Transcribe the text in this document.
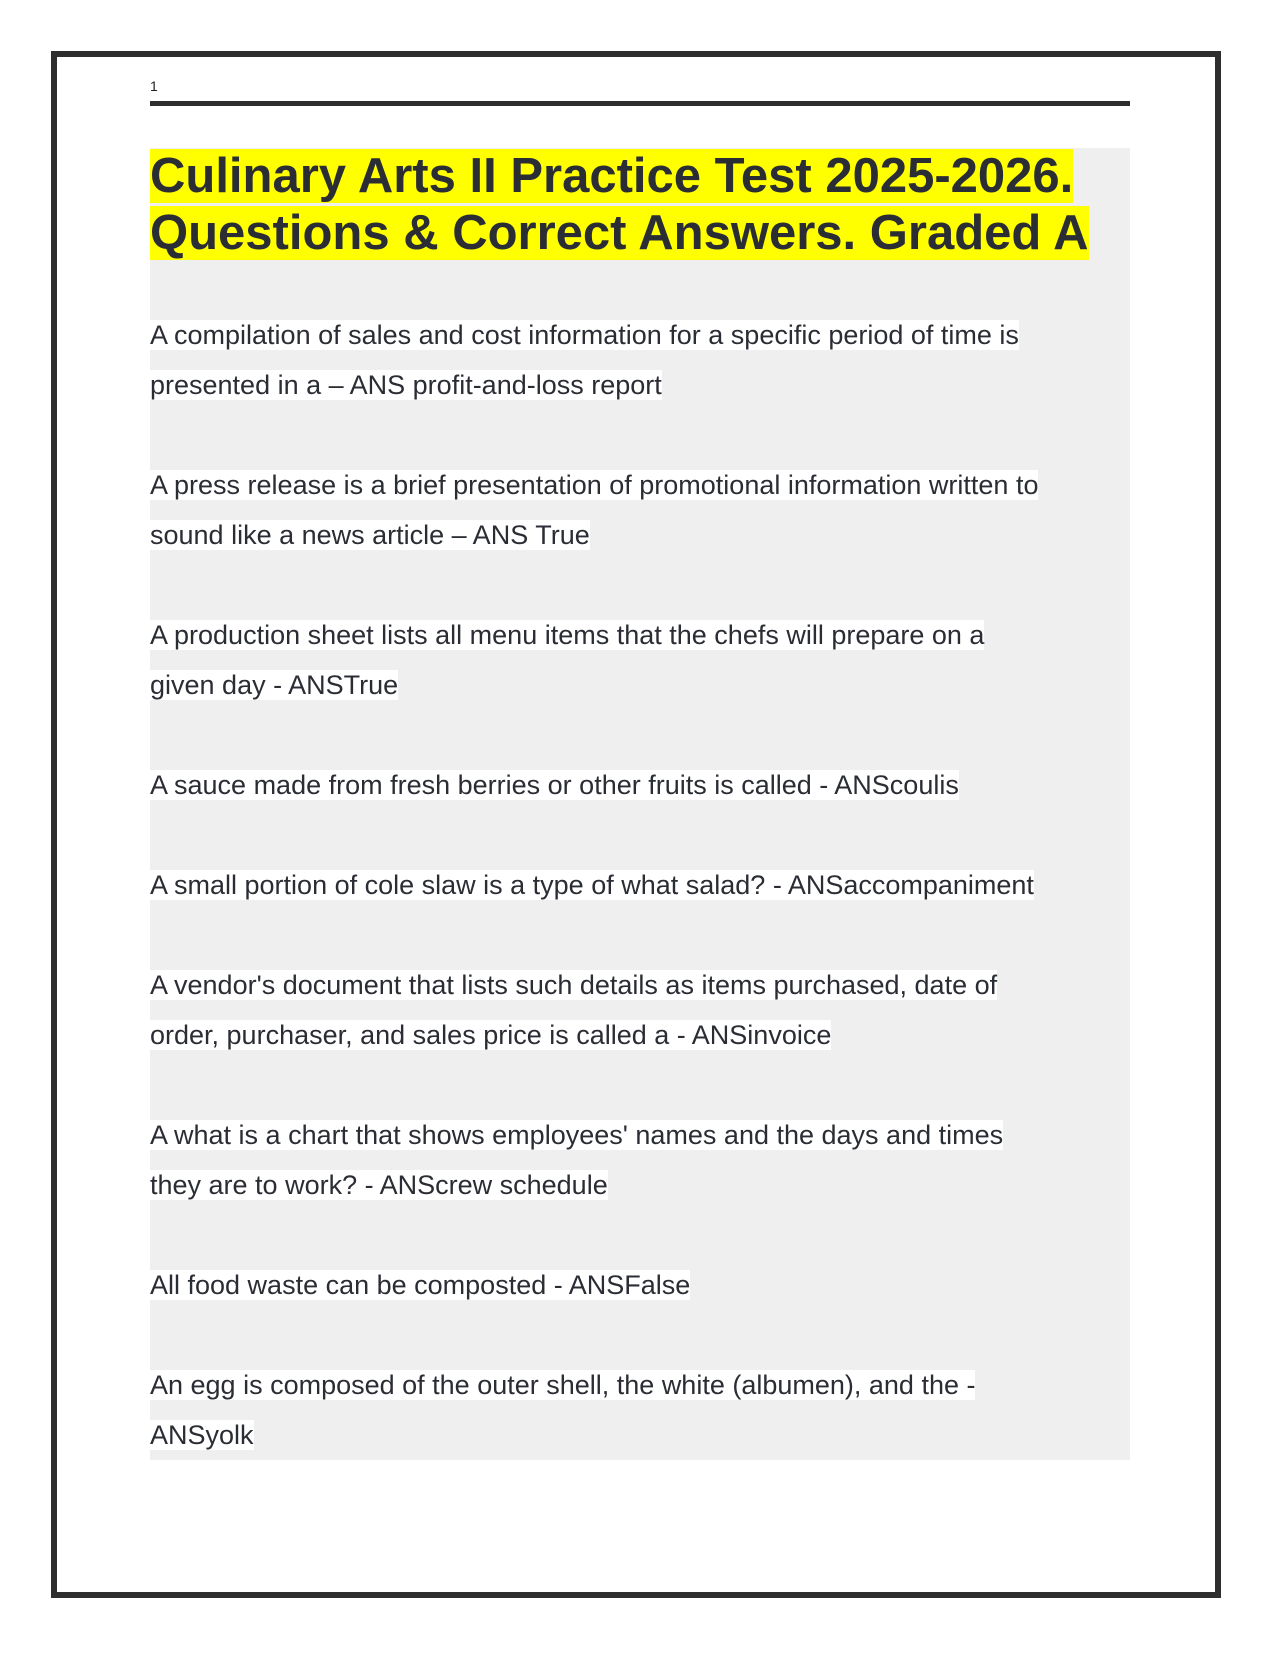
1
Culinary Arts II Practice Test 2025-2026.
Questions & Correct Answers. Graded A
A compilation of sales and cost information for a specific period of time is
presented in a – ANS profit-and-loss report
A press release is a brief presentation of promotional information written to
sound like a news article – ANS True
A production sheet lists all menu items that the chefs will prepare on a
given day - ANSTrue
A sauce made from fresh berries or other fruits is called - ANScoulis
A small portion of cole slaw is a type of what salad? - ANSaccompaniment
A vendor's document that lists such details as items purchased, date of
order, purchaser, and sales price is called a - ANSinvoice
A what is a chart that shows employees' names and the days and times
they are to work? - ANScrew schedule
All food waste can be composted - ANSFalse
An egg is composed of the outer shell, the white (albumen), and the -
ANSyolk
